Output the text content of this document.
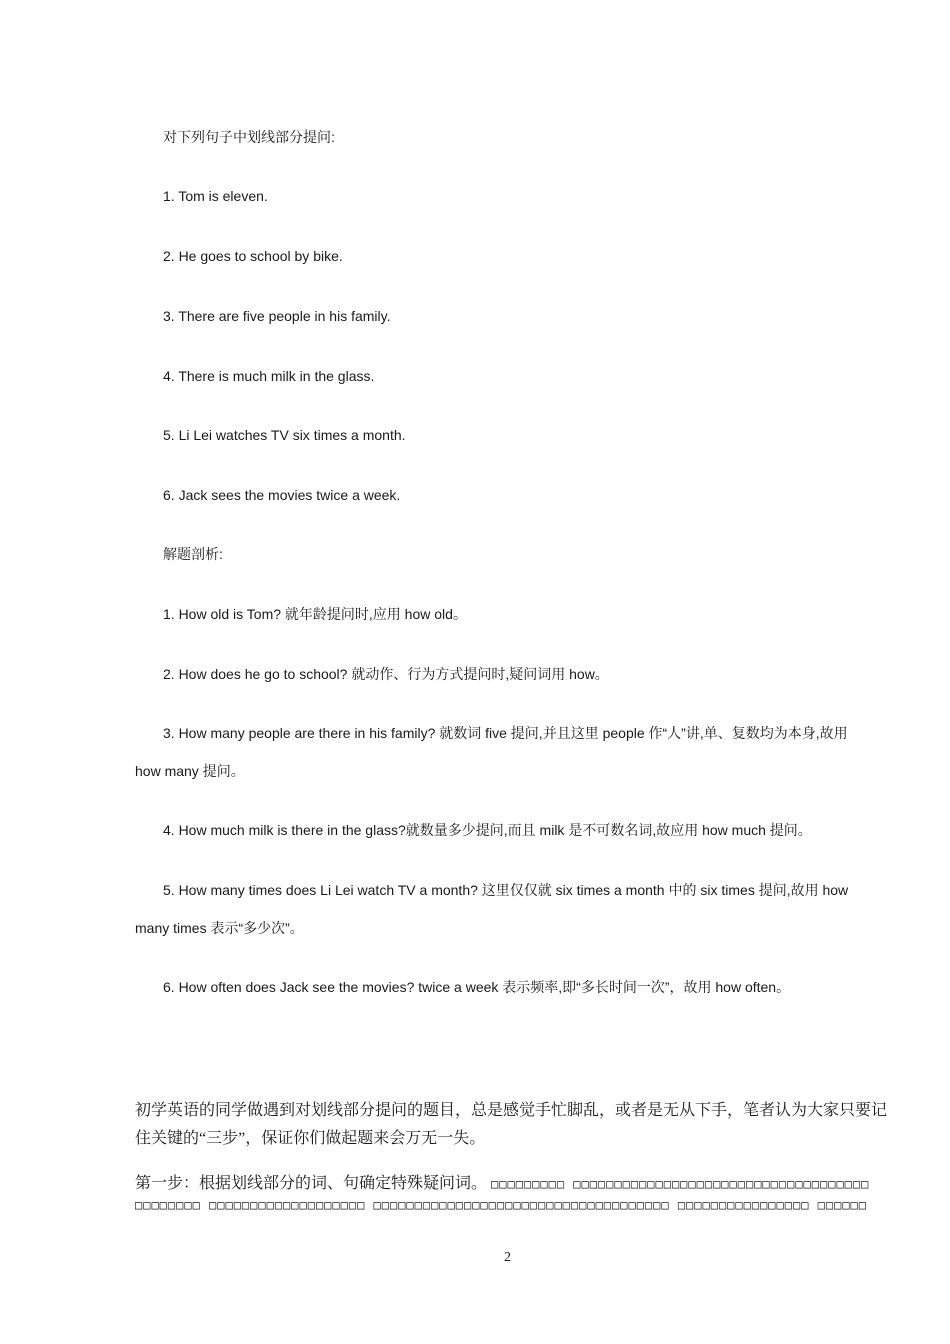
对下列句子中划线部分提问:
1. Tom is eleven.
2. He goes to school by bike.
3. There are five people in his family.
4. There is much milk in the glass.
5. Li Lei watches TV six times a month.
6. Jack sees the movies twice a week.
解题剖析:
1. How old is Tom? 就年龄提问时,应用 how old。
2. How does he go to school? 就动作、行为方式提问时,疑问词用 how。
3. How many people are there in his family? 就数词 five 提问,并且这里 people 作“人”讲,单、复数均为本身,故用
how many 提问。
4. How much milk is there in the glass?就数量多少提问,而且 milk 是不可数名词,故应用 how much 提问。
5. How many times does Li Lei watch TV a month? 这里仅仅就 six times a month 中的 six times 提问,故用 how
many times 表示“多少次”。
6. How often does Jack see the movies? twice a week 表示频率,即“多长时间一次”，故用 how often。
初学英语的同学做遇到对划线部分提问的题目，总是感觉手忙脚乱，或者是无从下手，笔者认为大家只要记住关键的“三步”，保证你们做起题来会万无一失。
第一步：根据划线部分的词、句确定特殊疑问词。 □□□□□□□□□ □□□□□□□□□□□□□□□□□□□□□□□□□□□□□□□□□□□□
□□□□□□□□ □□□□□□□□□□□□□□□□□□□ □□□□□□□□□□□□□□□□□□□□□□□□□□□□□□□□□□□□ □□□□□□□□□□□□□□□□ □□□□□□
2
